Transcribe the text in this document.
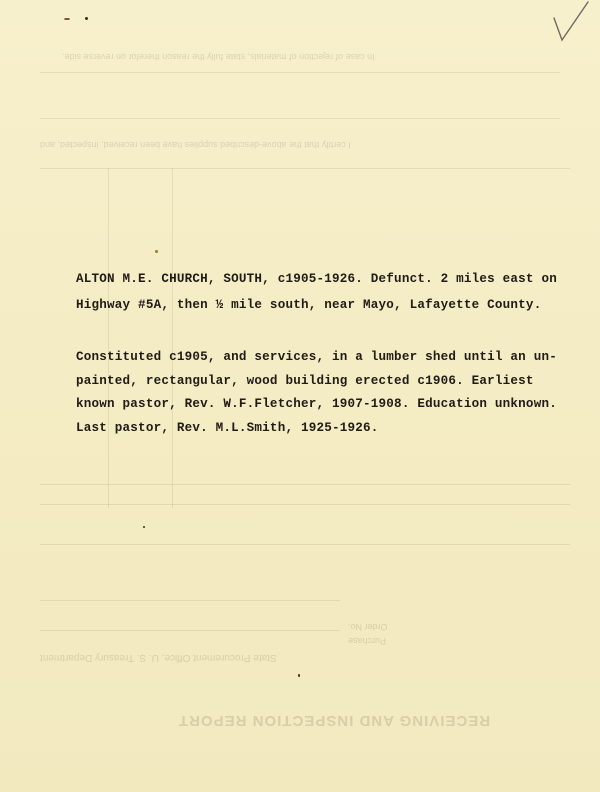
RECEIVING AND INSPECTION REPORT
I certify that the above-described supplies have been received, inspected, and
In case of rejection of materials, state fully the reason therefor on reverse side.
State Procurement Office, U. S. Treasury Department
Purchase
Order No.
ALTON M.E. CHURCH, SOUTH, c1905-1926. Defunct. 2 miles east on
Highway #5A, then ½ mile south, near Mayo, Lafayette County.
Constituted c1905, and services, in a lumber shed until an un-
painted, rectangular, wood building erected c1906. Earliest
known pastor, Rev. W.F.Fletcher, 1907-1908. Education unknown.
Last pastor, Rev. M.L.Smith, 1925-1926.
